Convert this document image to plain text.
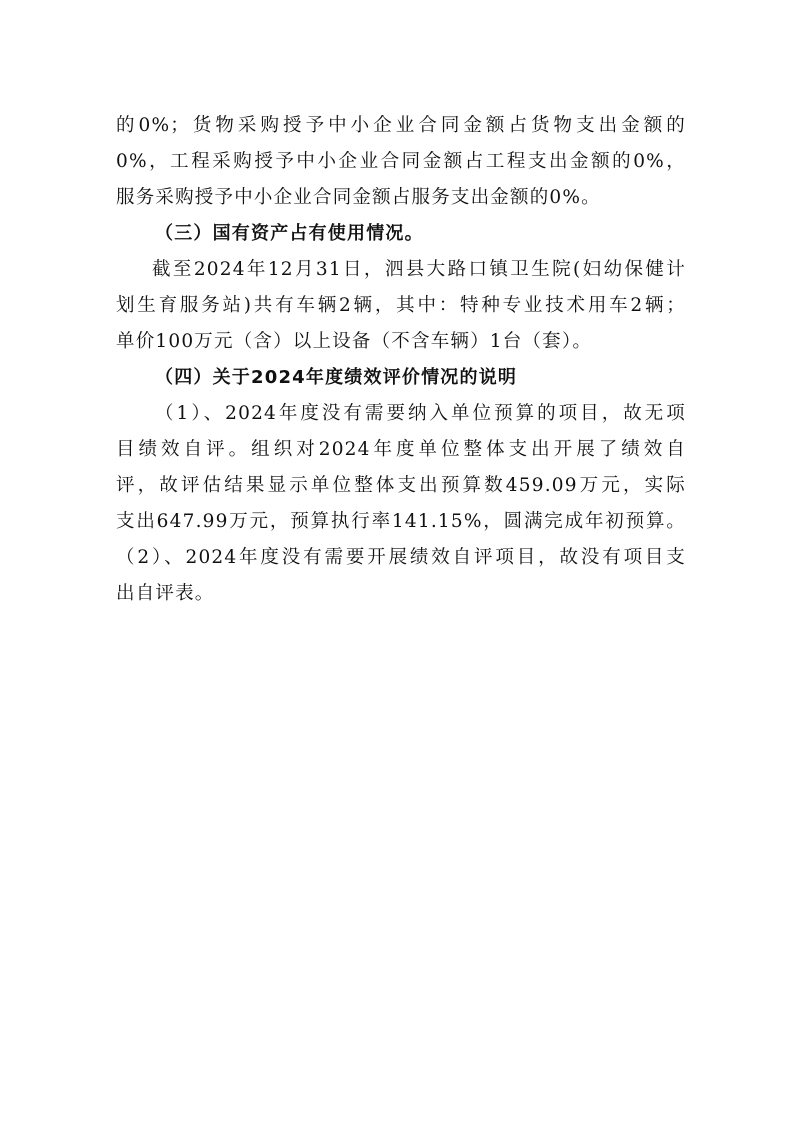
的0%；货物采购授予中小企业合同金额占货物支出金额的
0%，工程采购授予中小企业合同金额占工程支出金额的0%，
服务采购授予中小企业合同金额占服务支出金额的0%。
（三）国有资产占有使用情况。
截至2024年12月31日，泗县大路口镇卫生院(妇幼保健计
划生育服务站)共有车辆2辆，其中：特种专业技术用车2辆；
单价100万元（含）以上设备（不含车辆）1台（套）。
（四）关于2024年度绩效评价情况的说明
（1）、2024年度没有需要纳入单位预算的项目，故无项
目绩效自评。组织对2024年度单位整体支出开展了绩效自
评，故评估结果显示单位整体支出预算数459.09万元，实际
支出647.99万元，预算执行率141.15%，圆满完成年初预算。
（2）、2024年度没有需要开展绩效自评项目，故没有项目支
出自评表。
